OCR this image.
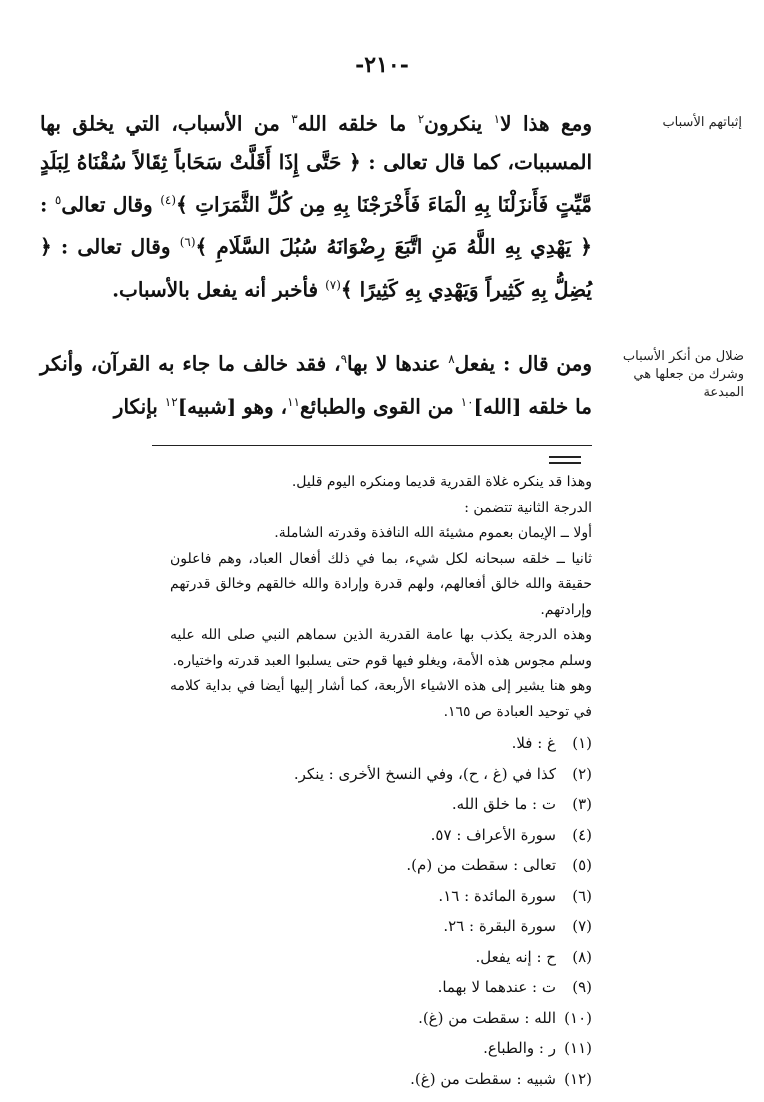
-٢١٠-
إثباتهم الأسباب
ومع هذا لا$^١$ ينكرون$^٢$ ما خلقه الله$^٣$ من الأسباب، التي يخلق بها المسببات، كما قال تعالى : ﴿ حَتَّى إِذَا أَقَلَّتْ سَحَاباً ثِقَالاً سُقْنَاهُ لِبَلَدٍ مَّيِّتٍ فَأَنزَلْنَا بِهِ الْمَاءَ فَأَخْرَجْنَا بِهِ مِن كُلِّ الثَّمَرَاتِ ﴾$^{(٤)}$ وقال تعالى$^٥$ : ﴿ يَهْدِي بِهِ اللَّهُ مَنِ اتَّبَعَ رِضْوَانَهُ سُبُلَ السَّلَامِ ﴾$^{(٦)}$ وقال تعالى : ﴿ يُضِلُّ بِهِ كَثِيراً وَيَهْدِي بِهِ كَثِيرًا ﴾$^{(٧)}$ فأخبر أنه يفعل بالأسباب.
ضلال من أنكر الأسباب وشرك من جعلها هي المبدعة
ومن قال : يفعل$^٨$ عندها لا بها$^٩$، فقد خالف ما جاء به القرآن، وأنكر ما خلقه [الله]$^{١٠}$ من القوى والطبائع$^{١١}$، وهو [شبيه]$^{١٢}$ بإنكار

وهذا قد ينكره غلاة القدرية قديما ومنكره اليوم قليل.

الدرجة الثانية تتضمن :

أولا ــ الإيمان بعموم مشيئة الله النافذة وقدرته الشاملة.

ثانيا ــ خلقه سبحانه لكل شيء، بما في ذلك أفعال العباد، وهم فاعلون حقيقة والله خالق أفعالهم، ولهم قدرة وإرادة والله خالقهم وخالق قدرتهم وإرادتهم.

وهذه الدرجة يكذب بها عامة القدرية الذين سماهم النبي صلى الله عليه وسلم مجوس هذه الأمة، ويغلو فيها قوم حتى يسلبوا العبد قدرته واختياره.

وهو هنا يشير إلى هذه الاشياء الأربعة، كما أشار إليها أيضا في بداية كلامه في توحيد العبادة ص ١٦٥.

(١)
غ : فلا.
(٢)
كذا في (غ ، ح)، وفي النسخ الأخرى : ينكر.
(٣)
ت : ما خلق الله.
(٤)
سورة الأعراف : ٥٧.
(٥)
تعالى : سقطت من (م).
(٦)
سورة المائدة : ١٦.
(٧)
سورة البقرة : ٢٦.
(٨)
ح : إنه يفعل.
(٩)
ت : عندهما لا بهما.
(١٠)
الله : سقطت من (غ).
(١١)
ر : والطباع.
(١٢)
شبيه : سقطت من (غ).
